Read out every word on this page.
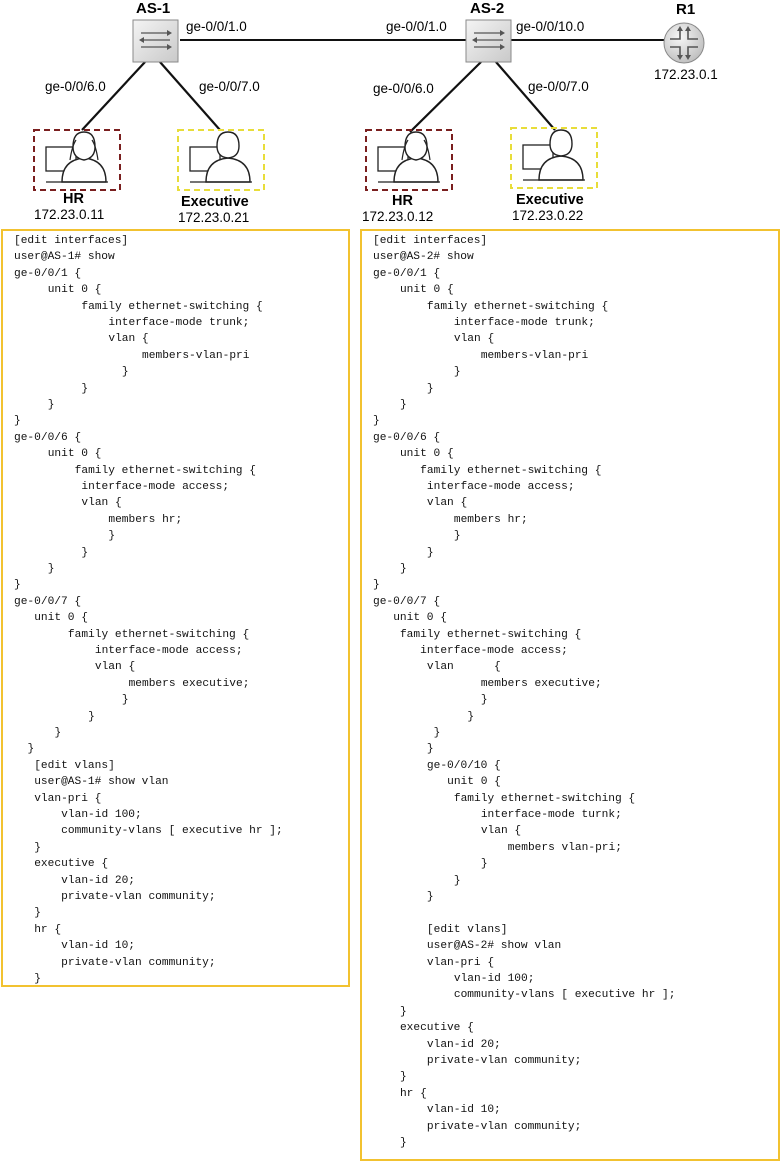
AS-1	AS-2	R1
172.23.0.1
ge-0/0/1.0	ge-0/0/1.0	ge-0/0/10.0
ge-0/0/6.0	ge-0/0/7.0	ge-0/0/6.0	ge-0/0/7.0
HR
172.23.0.11
Executive
172.23.0.21
HR
172.23.0.12
Executive
172.23.0.22
[edit interfaces]
user@AS-1# show
ge-0/0/1 {
unit 0 {
family ethernet-switching {
interface-mode trunk;
vlan {
members-vlan-pri
}
}
}
}
ge-0/0/6 {
unit 0 {
family ethernet-switching {
interface-mode access;
vlan {
members hr;
}
}
}
}
ge-0/0/7 {
unit 0 {
family ethernet-switching {
interface-mode access;
vlan {
members executive;
}
}
}
}
[edit vlans]
user@AS-1# show vlan
vlan-pri {
vlan-id 100;
community-vlans [ executive hr ];
}
executive {
vlan-id 20;
private-vlan community;
}
hr {
vlan-id 10;
private-vlan community;
}
[edit interfaces]
user@AS-2# show
ge-0/0/1 {
unit 0 {
family ethernet-switching {
interface-mode trunk;
vlan {
members-vlan-pri
}
}
}
}
ge-0/0/6 {
unit 0 {
family ethernet-switching {
interface-mode access;
vlan {
members hr;
}
}
}
}
ge-0/0/7 {
unit 0 {
family ethernet-switching {
interface-mode access;
vlan      {
members executive;
}
}
}
}
ge-0/0/10 {
unit 0 {
family ethernet-switching {
interface-mode turnk;
vlan {
members vlan-pri;
}
}
}
[edit vlans]
user@AS-2# show vlan
vlan-pri {
vlan-id 100;
community-vlans [ executive hr ];
}
executive {
vlan-id 20;
private-vlan community;
}
hr {
vlan-id 10;
private-vlan community;
}
